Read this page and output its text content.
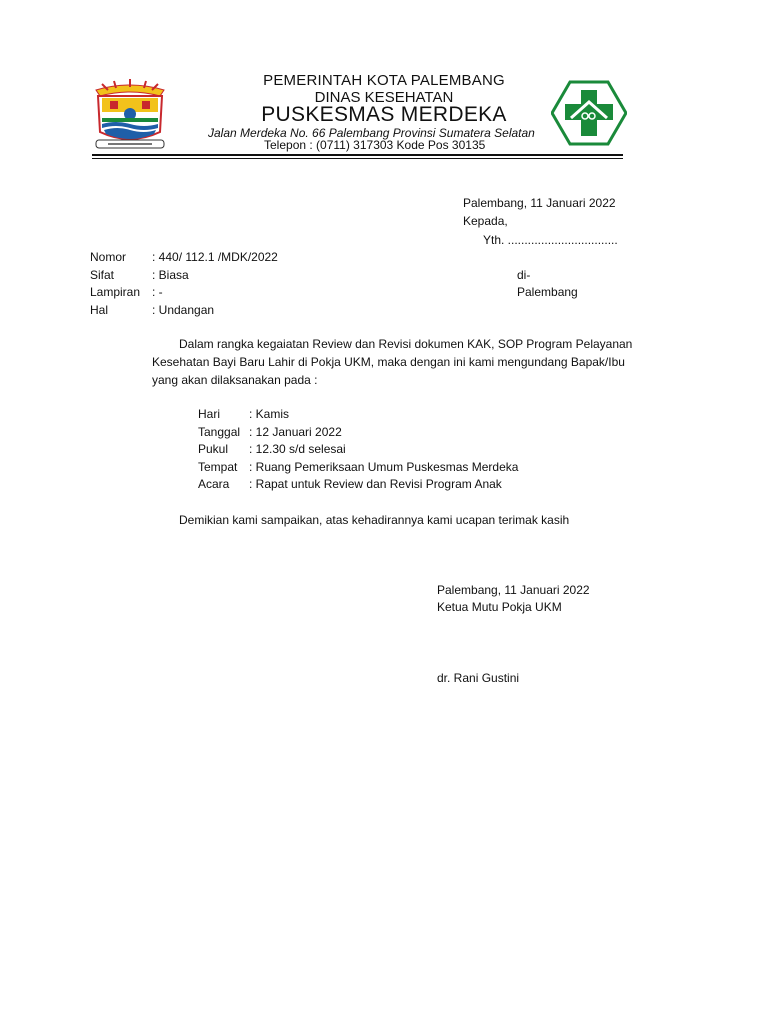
PEMERINTAH KOTA PALEMBANG
DINAS KESEHATAN
PUSKESMAS MERDEKA
Jalan Merdeka No. 66 Palembang Provinsi Sumatera Selatan
Telepon : (0711) 317303 Kode Pos 30135
Palembang, 11 Januari 2022
Kepada,
Yth. .................................
di-
Palembang
Nomor : 440/ 112.1 /MDK/2022
Sifat	: Biasa
Lampiran : -
Hal	: Undangan
Dalam rangka kegaiatan Review dan Revisi dokumen KAK, SOP Program Pelayanan
Kesehatan Bayi Baru Lahir di Pokja UKM, maka dengan ini kami mengundang Bapak/Ibu
yang akan dilaksanakan pada :
Hari : Kamis
Tanggal : 12 Januari 2022
Pukul : 12.30 s/d selesai
Tempat : Ruang Pemeriksaan Umum Puskesmas Merdeka
Acara : Rapat untuk Review dan Revisi Program Anak
Demikian kami sampaikan, atas kehadirannya kami ucapan terimak kasih
Palembang, 11 Januari 2022
Ketua Mutu Pokja UKM
dr. Rani Gustini
